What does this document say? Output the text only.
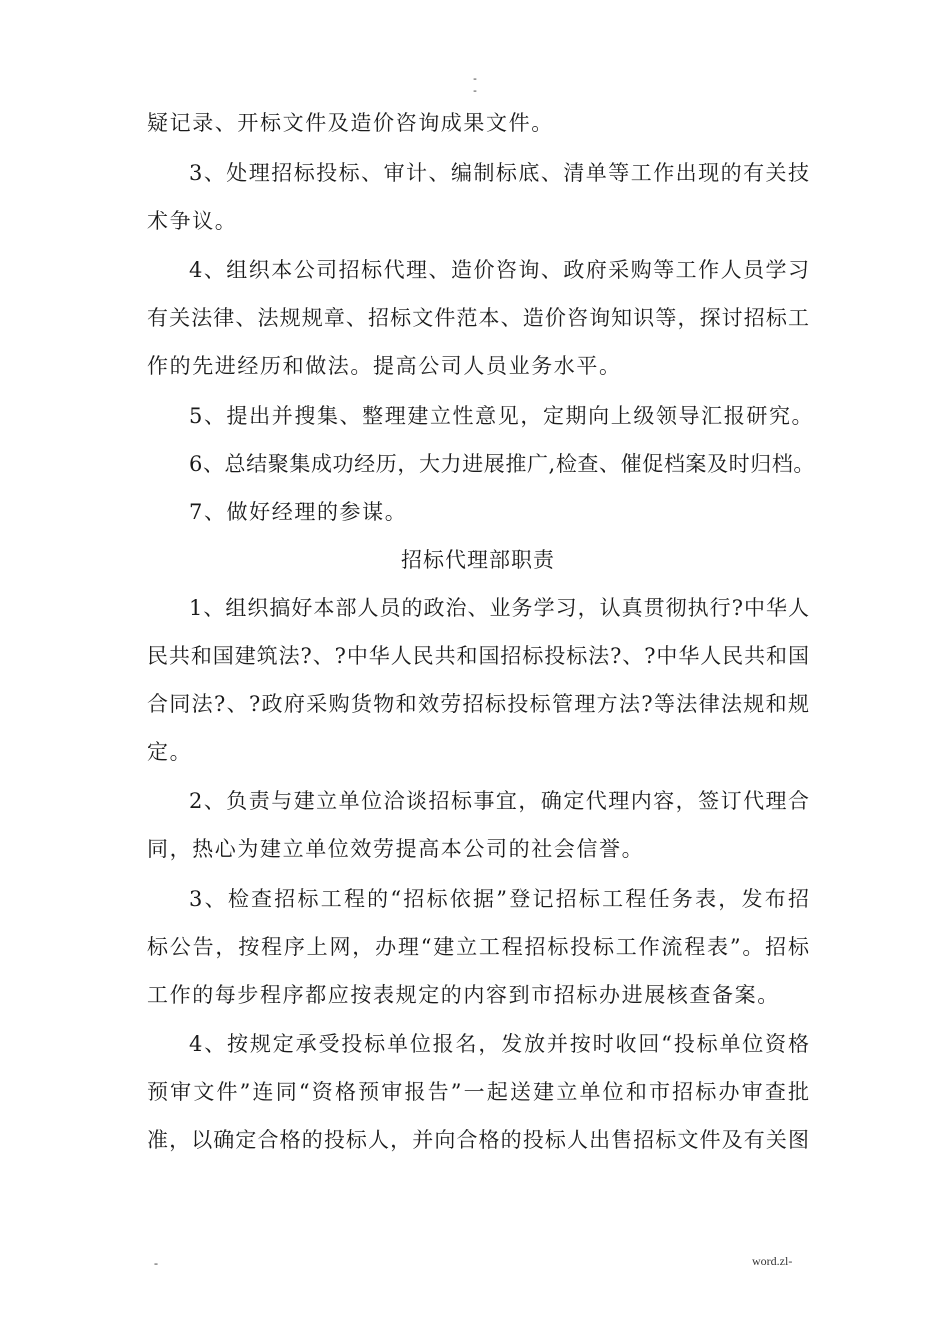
-
-
疑记录、开标文件及造价咨询成果文件。
3、处理招标投标、审计、编制标底、清单等工作出现的有关技
术争议。
4、组织本公司招标代理、造价咨询、政府采购等工作人员学习
有关法律、法规规章、招标文件范本、造价咨询知识等，探讨招标工
作的先进经历和做法。提高公司人员业务水平。
5、提出并搜集、整理建立性意见，定期向上级领导汇报研究。
6、总结聚集成功经历，大力进展推广,检查、催促档案及时归档。
7、做好经理的参谋。
招标代理部职责
1、组织搞好本部人员的政治、业务学习，认真贯彻执行?中华人
民共和国建筑法?、?中华人民共和国招标投标法?、?中华人民共和国
合同法?、?政府采购货物和效劳招标投标管理方法?等法律法规和规
定。
2、负责与建立单位洽谈招标事宜，确定代理内容，签订代理合
同，热心为建立单位效劳提高本公司的社会信誉。
3、检查招标工程的“招标依据”登记招标工程任务表，发布招
标公告，按程序上网，办理“建立工程招标投标工作流程表”。招标
工作的每步程序都应按表规定的内容到市招标办进展核查备案。
4、按规定承受投标单位报名，发放并按时收回“投标单位资格
预审文件”连同“资格预审报告”一起送建立单位和市招标办审查批
准，以确定合格的投标人，并向合格的投标人出售招标文件及有关图
-	word.zl-
